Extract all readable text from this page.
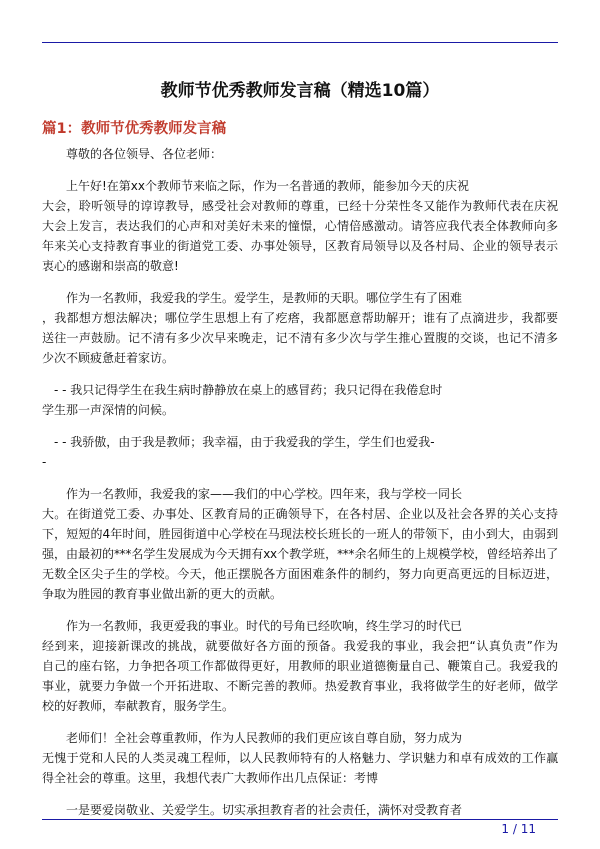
教师节优秀教师发言稿（精选10篇）
篇1：教师节优秀教师发言稿
尊敬的各位领导、各位老师：
上午好!在第xx个教师节来临之际，作为一名普通的教师，能参加今天的庆祝
大会，聆听领导的谆谆教导，感受社会对教师的尊重，已经十分荣性冬又能作为教师代表在庆祝
大会上发言，表达我们的心声和对美好未来的憧憬，心情倍感激动。请答应我代表全体教师向多
年来关心支持教育事业的街道党工委、办事处领导，区教育局领导以及各村局、企业的领导表示
衷心的感谢和崇高的敬意!
作为一名教师，我爱我的学生。爱学生，是教师的天职。哪位学生有了困难
，我都想方想法解决；哪位学生思想上有了疙瘩，我都愿意帮助解开；谁有了点滴进步，我都要
送往一声鼓励。记不清有多少次早来晚走，记不清有多少次与学生推心置腹的交谈，也记不清多
少次不顾疲惫赶着家访。
- - 我只记得学生在我生病时静静放在桌上的感冒药；我只记得在我倦怠时
学生那一声深情的问候。
- - 我骄傲，由于我是教师；我幸福，由于我爱我的学生，学生们也爱我-
-
作为一名教师，我爱我的家——我们的中心学校。四年来，我与学校一同长
大。在街道党工委、办事处、区教育局的正确领导下，在各村居、企业以及社会各界的关心支持
下，短短的4年时间，胜园街道中心学校在马现法校长班长的一班人的带领下，由小到大，由弱到
强，由最初的***名学生发展成为今天拥有xx个教学班，***余名师生的上规模学校，曾经培养出了
无数全区尖子生的学校。今天，他正摆脱各方面困难条件的制约，努力向更高更远的目标迈进，
争取为胜园的教育事业做出新的更大的贡献。
作为一名教师，我更爱我的事业。时代的号角已经吹响，终生学习的时代已
经到来，迎接新课改的挑战，就要做好各方面的预备。我爱我的事业，我会把“认真负责”作为
自己的座右铭，力争把各项工作都做得更好，用教师的职业道德衡量自己、鞭策自己。我爱我的
事业，就要力争做一个开拓进取、不断完善的教师。热爱教育事业，我将做学生的好老师，做学
校的好教师，奉献教育，服务学生。
老师们！全社会尊重教师，作为人民教师的我们更应该自尊自励，努力成为
无愧于党和人民的人类灵魂工程师，以人民教师特有的人格魅力、学识魅力和卓有成效的工作赢
得全社会的尊重。这里，我想代表广大教师作出几点保证：考博
一是要爱岗敬业、关爱学生。切实承担教育者的社会责任，满怀对受教育者
1 / 11
